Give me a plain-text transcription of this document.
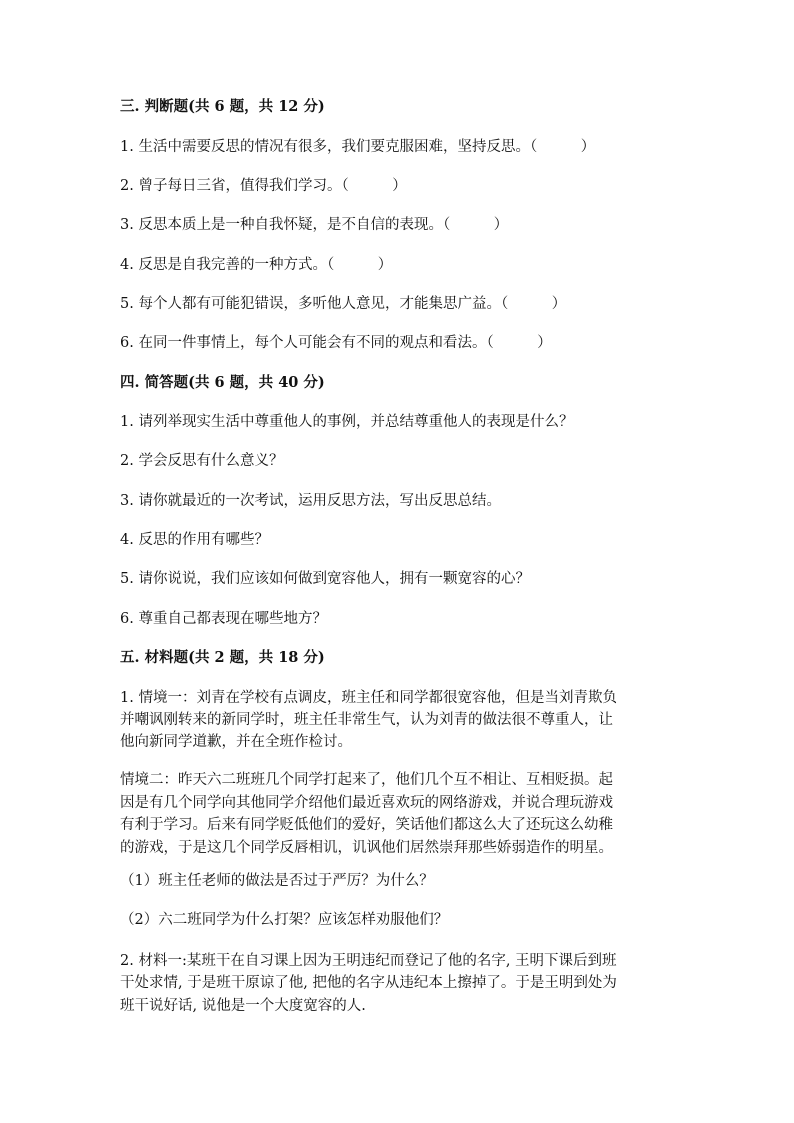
三. 判断题(共 6 题，共 12 分)
1. 生活中需要反思的情况有很多，我们要克服困难，坚持反思。（　　　）
2. 曾子每日三省，值得我们学习。（　　　）
3. 反思本质上是一种自我怀疑，是不自信的表现。（　　　）
4. 反思是自我完善的一种方式。（　　　）
5. 每个人都有可能犯错误，多听他人意见，才能集思广益。（　　　）
6. 在同一件事情上，每个人可能会有不同的观点和看法。（　　　）
四. 简答题(共 6 题，共 40 分)
1. 请列举现实生活中尊重他人的事例，并总结尊重他人的表现是什么？
2. 学会反思有什么意义？
3. 请你就最近的一次考试，运用反思方法，写出反思总结。
4. 反思的作用有哪些？
5. 请你说说，我们应该如何做到宽容他人，拥有一颗宽容的心？
6. 尊重自己都表现在哪些地方？
五. 材料题(共 2 题，共 18 分)
1. 情境一：刘青在学校有点调皮，班主任和同学都很宽容他，但是当刘青欺负
并嘲讽刚转来的新同学时，班主任非常生气，认为刘青的做法很不尊重人，让
他向新同学道歉，并在全班作检讨。
情境二：昨天六二班班几个同学打起来了，他们几个互不相让、互相贬损。起
因是有几个同学向其他同学介绍他们最近喜欢玩的网络游戏，并说合理玩游戏
有利于学习。后来有同学贬低他们的爱好，笑话他们都这么大了还玩这么幼稚
的游戏，于是这几个同学反唇相讥，讥讽他们居然崇拜那些娇弱造作的明星。
（1）班主任老师的做法是否过于严厉？为什么？
（2）六二班同学为什么打架？应该怎样劝服他们？
2. 材料一:某班干在自习课上因为王明违纪而登记了他的名字, 王明下课后到班
干处求情, 于是班干原谅了他, 把他的名字从违纪本上擦掉了。于是王明到处为
班干说好话, 说他是一个大度宽容的人.
